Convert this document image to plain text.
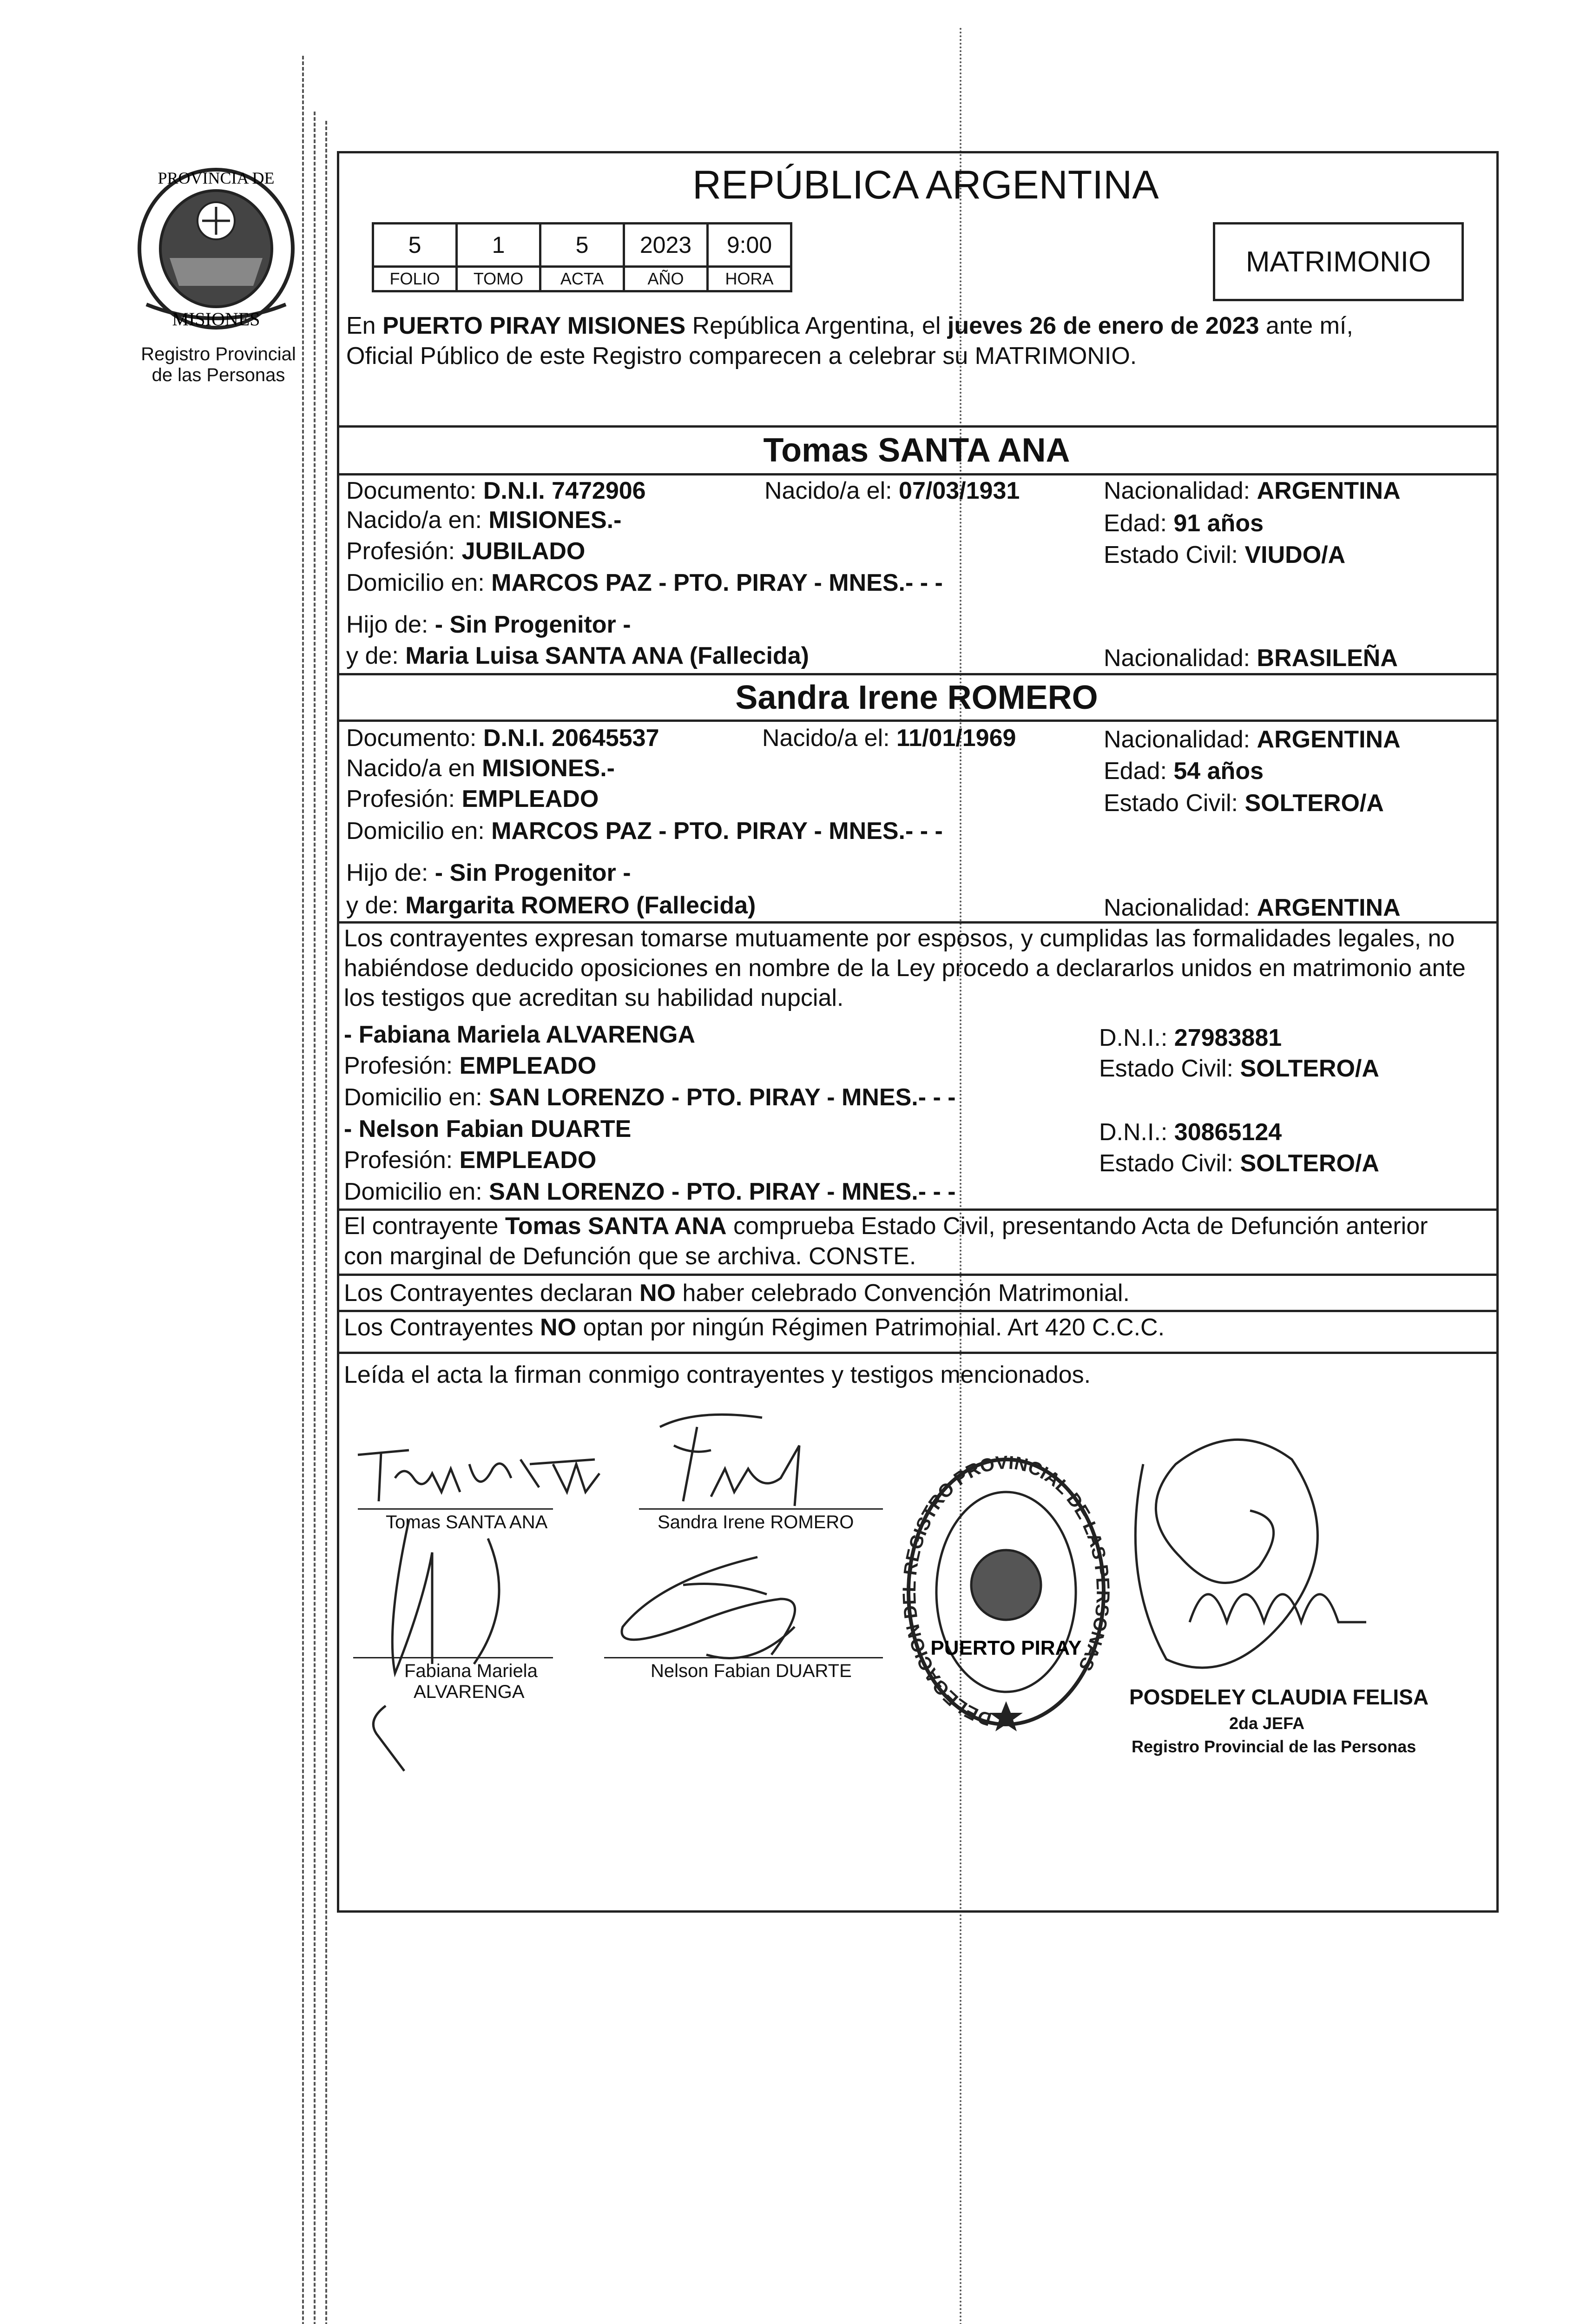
PROVINCIA DE
MISIONES
Registro Provincial
de las Personas
REPÚBLICA ARGENTINA
5	1	5	2023	9:00
FOLIO	TOMO	ACTA	AÑO	HORA
MATRIMONIO
En PUERTO PIRAY MISIONES República Argentina, el jueves 26 de enero de 2023 ante mí,
Oficial Público de este Registro comparecen a celebrar su MATRIMONIO.
Tomas SANTA ANA
Documento: D.N.I. 7472906	Nacido/a el: 07/03/1931	Nacionalidad: ARGENTINA
Nacido/a en: MISIONES.-	Edad: 91 años
Profesión: JUBILADO	Estado Civil: VIUDO/A
Domicilio en: MARCOS PAZ - PTO. PIRAY - MNES.- - -
Hijo de: - Sin Progenitor -
y de: Maria Luisa SANTA ANA (Fallecida)	Nacionalidad: BRASILEÑA
Sandra Irene ROMERO
Documento: D.N.I. 20645537	Nacido/a el: 11/01/1969	Nacionalidad: ARGENTINA
Nacido/a en MISIONES.-	Edad: 54 años
Profesión: EMPLEADO	Estado Civil: SOLTERO/A
Domicilio en: MARCOS PAZ - PTO. PIRAY - MNES.- - -
Hijo de: - Sin Progenitor -
y de: Margarita ROMERO (Fallecida)	Nacionalidad: ARGENTINA
Los contrayentes expresan tomarse mutuamente por esposos, y cumplidas las formalidades legales, no
habiéndose deducido oposiciones en nombre de la Ley procedo a declararlos unidos en matrimonio ante
los testigos que acreditan su habilidad nupcial.
- Fabiana Mariela ALVARENGA	D.N.I.: 27983881
Profesión: EMPLEADO	Estado Civil: SOLTERO/A
Domicilio en: SAN LORENZO - PTO. PIRAY - MNES.- - -
- Nelson Fabian DUARTE	D.N.I.: 30865124
Profesión: EMPLEADO	Estado Civil: SOLTERO/A
Domicilio en: SAN LORENZO - PTO. PIRAY - MNES.- - -
El contrayente Tomas SANTA ANA comprueba Estado Civil, presentando Acta de Defunción anterior
con marginal de Defunción que se archiva. CONSTE.
Los Contrayentes declaran NO haber celebrado Convención Matrimonial.
Los Contrayentes NO optan por ningún Régimen Patrimonial. Art 420 C.C.C.
Leída el acta la firman conmigo contrayentes y testigos mencionados.
Tomas SANTA ANA	Sandra Irene ROMERO
Fabiana Mariela
ALVARENGA
Nelson Fabian DUARTE
DELEGACION DEL REGISTRO PROVINCIAL DE LAS PERSONAS
PUERTO PIRAY
POSDELEY CLAUDIA FELISA
2da JEFA
Registro Provincial de las Personas
